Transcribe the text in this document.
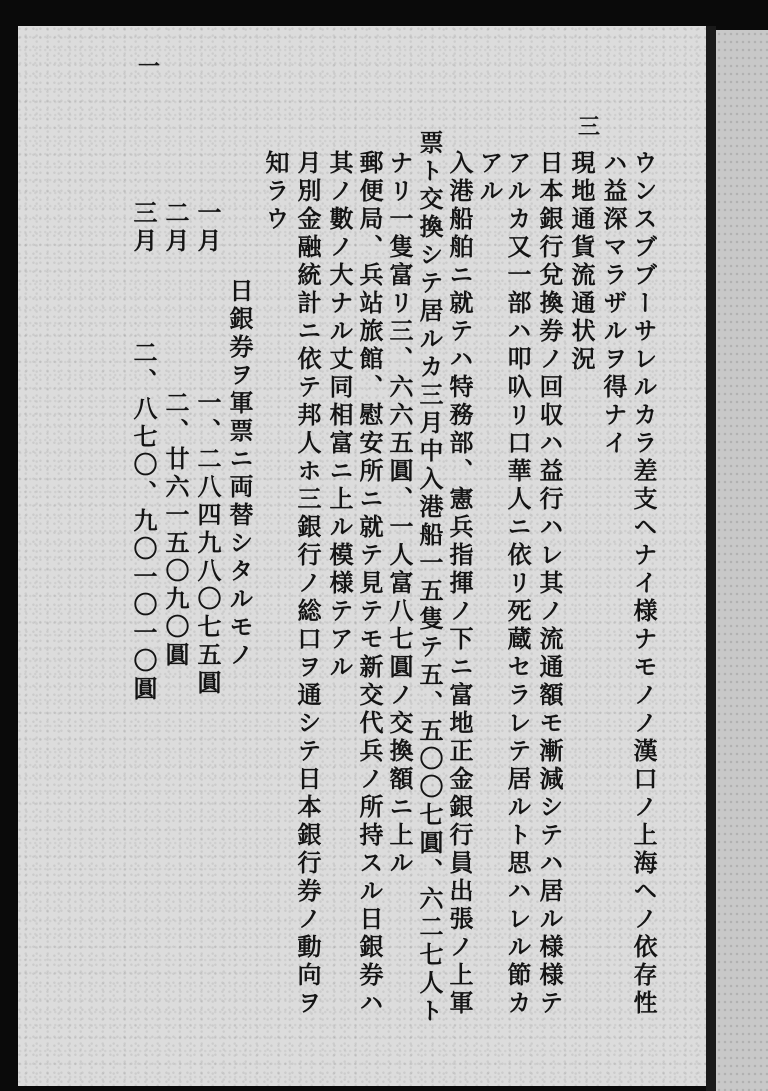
一
三
ウンスブブーサレルカラ差支ヘナイ様ナモノノ漢口ノ上海ヘノ依存性
ハ益深マラザルヲ得ナイ
現地通貨流通状況
日本銀行兌換券ノ回収ハ益行ハレ其ノ流通額モ漸減シテハ居ル様様テ
アルカ又一部ハ叩叺リ口華人ニ依リ死蔵セラレテ居ルト思ハレル節カ
アル
入港船舶ニ就テハ特務部、憲兵指揮ノ下ニ富地正金銀行員出張ノ上軍
票ト交換シテ居ルカ三月中入港船一五隻テ五、五〇〇七圓、六二七人ト
ナリ一隻富リ三、六六五圓、一人富八七圓ノ交換額ニ上ル
郵便局、兵站旅館、慰安所ニ就テ見テモ新交代兵ノ所持スル日銀券ハ
其ノ數ノ大ナル丈同相富ニ上ル模様テアル
月別金融統計ニ依テ邦人ホ三銀行ノ総口ヲ通シテ日本銀行券ノ動向ヲ
知ラウ
日銀券ヲ軍票ニ両替シタルモノ
一月
一、二八四九八〇七五圓
二月
二、廿六一五〇九〇圓
三月
二、八七〇、九〇一〇一〇圓
